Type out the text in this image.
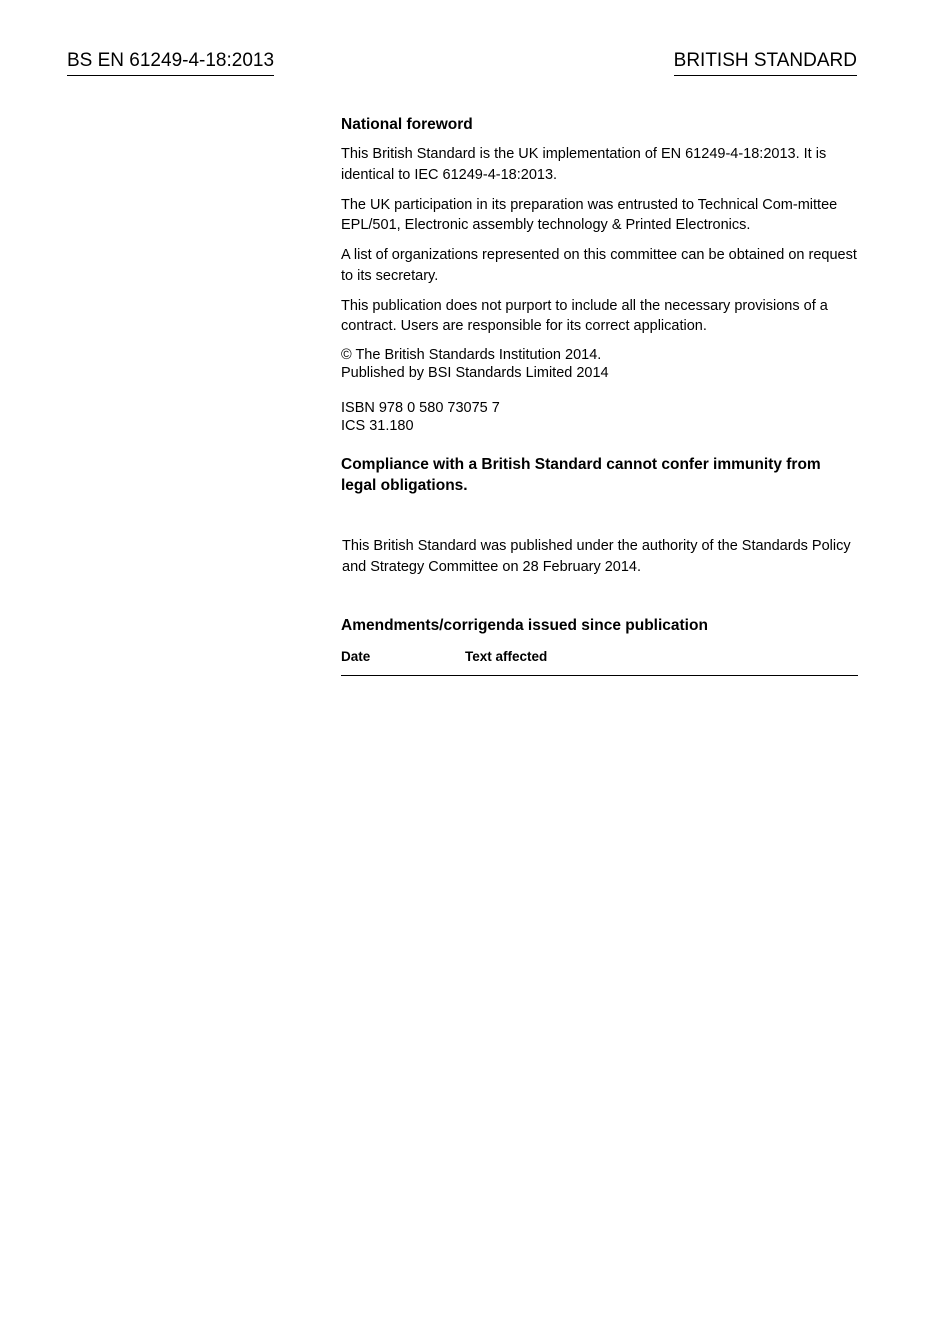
BS EN 61249-4-18:2013	BRITISH STANDARD
National foreword

This British Standard is the UK implementation of EN 61249-4-18:2013. It is identical to IEC 61249-4-18:2013.

The UK participation in its preparation was entrusted to Technical Com-mittee EPL/501, Electronic assembly technology & Printed Electronics.

A list of organizations represented on this committee can be obtained on request to its secretary.

This publication does not purport to include all the necessary provisions of a contract. Users are responsible for its correct application.

© The British Standards Institution 2014.
Published by BSI Standards Limited 2014
ISBN 978 0 580 73075 7
ICS 31.180
Compliance with a British Standard cannot confer immunity from legal obligations.
This British Standard was published under the authority of the Standards Policy and Strategy Committee on 28 February 2014.
Amendments/corrigenda issued since publication
Date	Text affected
